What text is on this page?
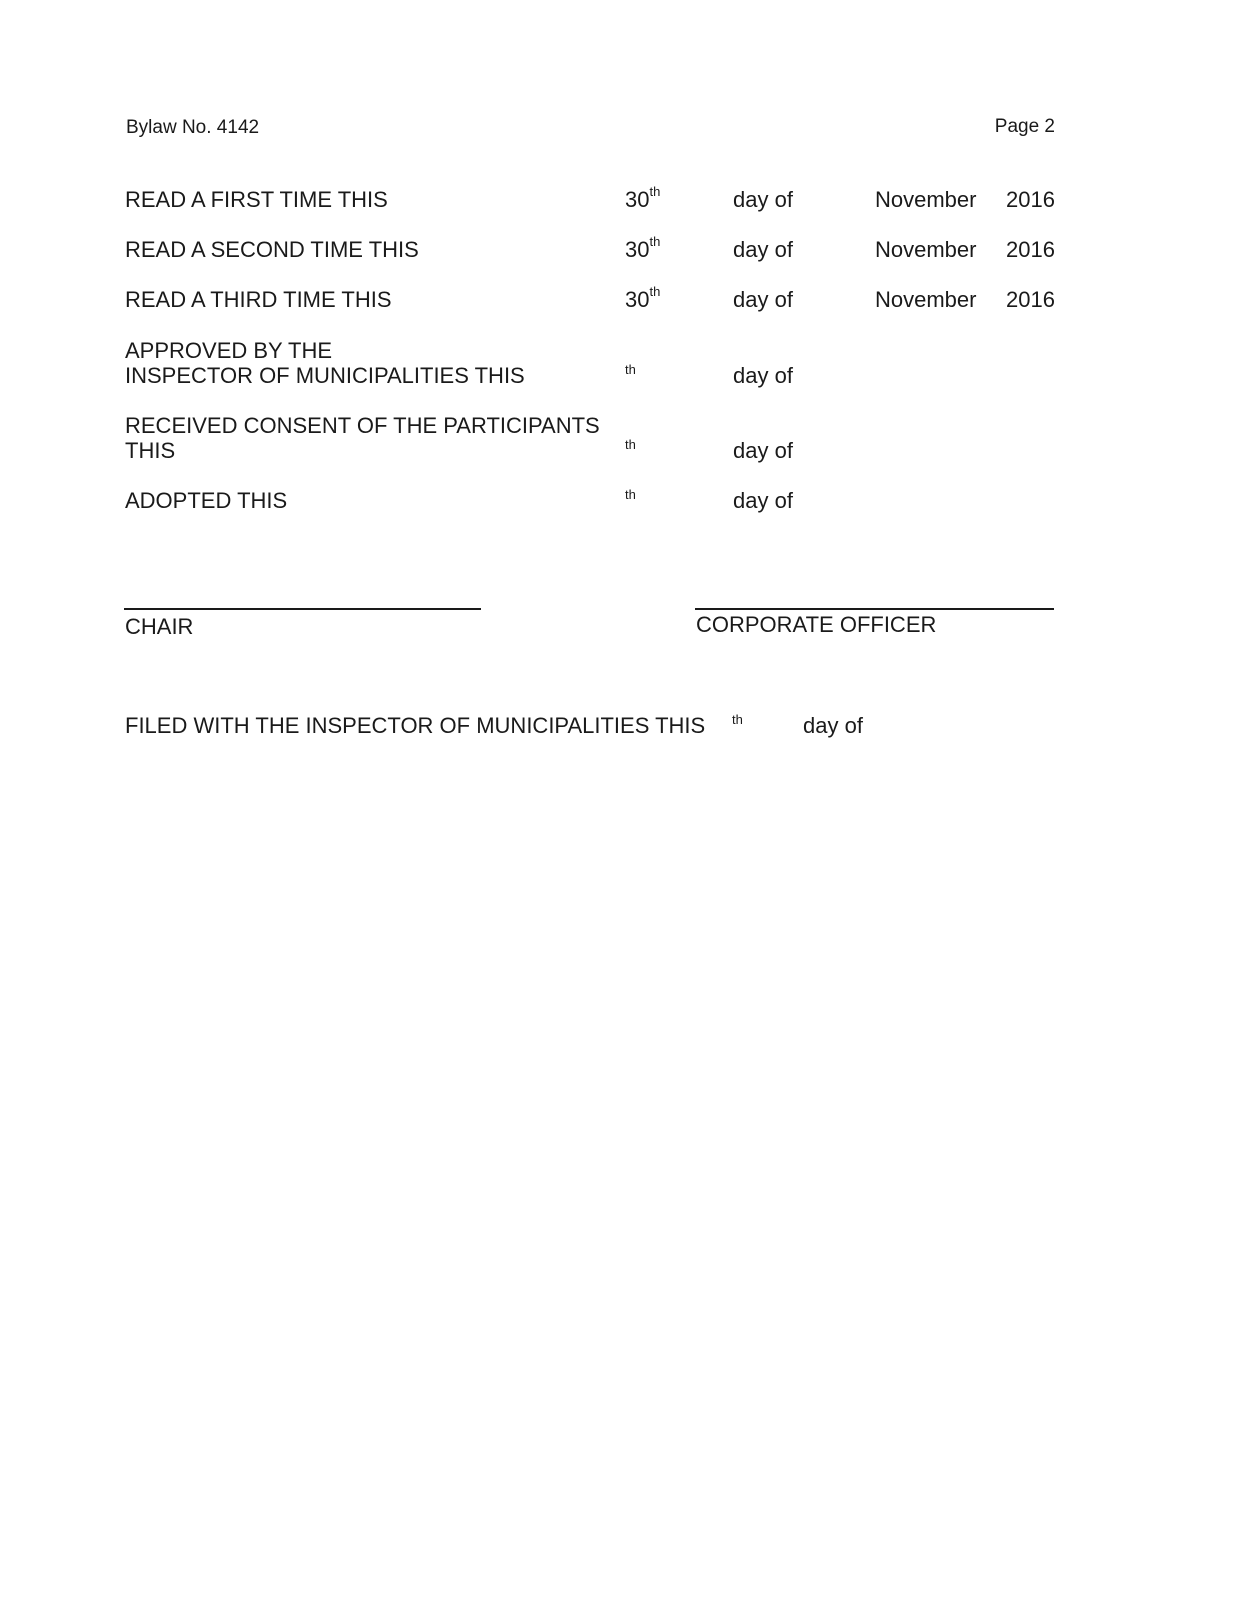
Bylaw No. 4142	Page 2
READ A FIRST TIME THIS	30th	day of	November 2016
READ A SECOND TIME THIS	30th	day of	November 2016
READ A THIRD TIME THIS	30th	day of	November 2016
APPROVED BY THE
INSPECTOR OF MUNICIPALITIES THIS	th	day of
RECEIVED CONSENT OF THE PARTICIPANTS
THIS	th	day of
ADOPTED THIS	$^{th}$	day of
CHAIR	CORPORATE OFFICER
FILED WITH THE INSPECTOR OF MUNICIPALITIES THIS th	day of
